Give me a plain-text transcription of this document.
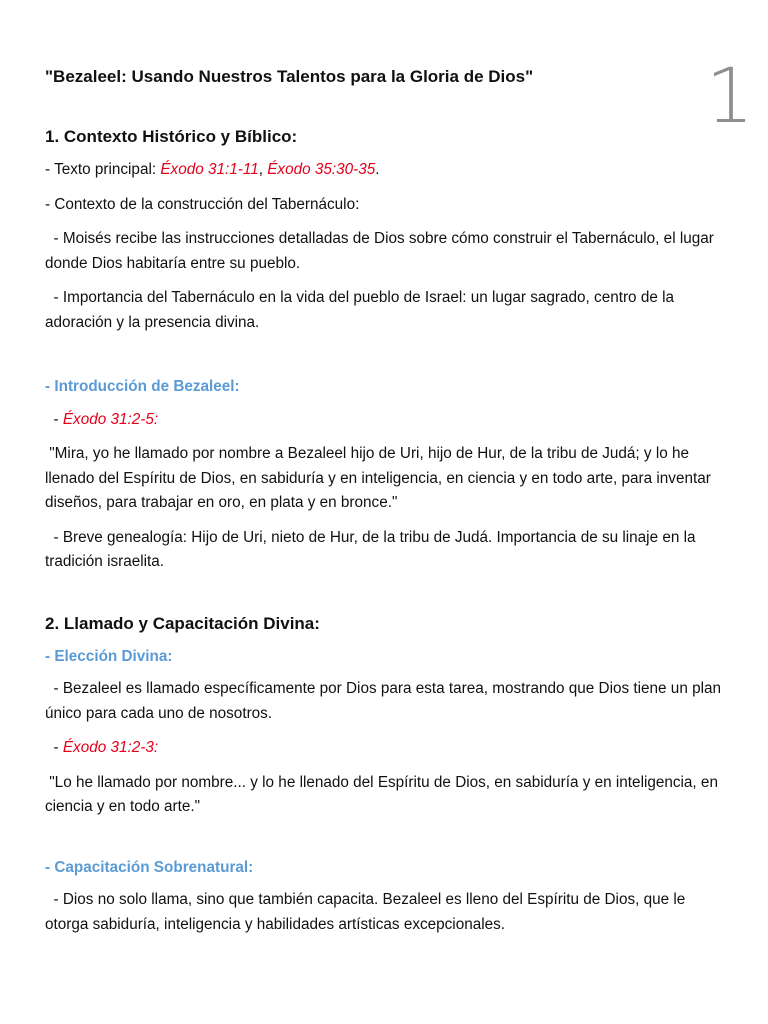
1
"Bezaleel: Usando Nuestros Talentos para la Gloria de Dios"
1. Contexto Histórico y Bíblico:

- Texto principal: Éxodo 31:1-11, Éxodo 35:30-35.

- Contexto de la construcción del Tabernáculo:

- Moisés recibe las instrucciones detalladas de Dios sobre cómo construir el Tabernáculo, el lugar donde Dios habitaría entre su pueblo.

- Importancia del Tabernáculo en la vida del pueblo de Israel: un lugar sagrado, centro de la adoración y la presencia divina.

- Introducción de Bezaleel:

- Éxodo 31:2-5:

"Mira, yo he llamado por nombre a Bezaleel hijo de Uri, hijo de Hur, de la tribu de Judá; y lo he llenado del Espíritu de Dios, en sabiduría y en inteligencia, en ciencia y en todo arte, para inventar diseños, para trabajar en oro, en plata y en bronce."

- Breve genealogía: Hijo de Uri, nieto de Hur, de la tribu de Judá. Importancia de su linaje en la tradición israelita.

2. Llamado y Capacitación Divina:
- Elección Divina:

- Bezaleel es llamado específicamente por Dios para esta tarea, mostrando que Dios tiene un plan único para cada uno de nosotros.

- Éxodo 31:2-3:

"Lo he llamado por nombre... y lo he llenado del Espíritu de Dios, en sabiduría y en inteligencia, en ciencia y en todo arte."

- Capacitación Sobrenatural:

- Dios no solo llama, sino que también capacita. Bezaleel es lleno del Espíritu de Dios, que le otorga sabiduría, inteligencia y habilidades artísticas excepcionales.
